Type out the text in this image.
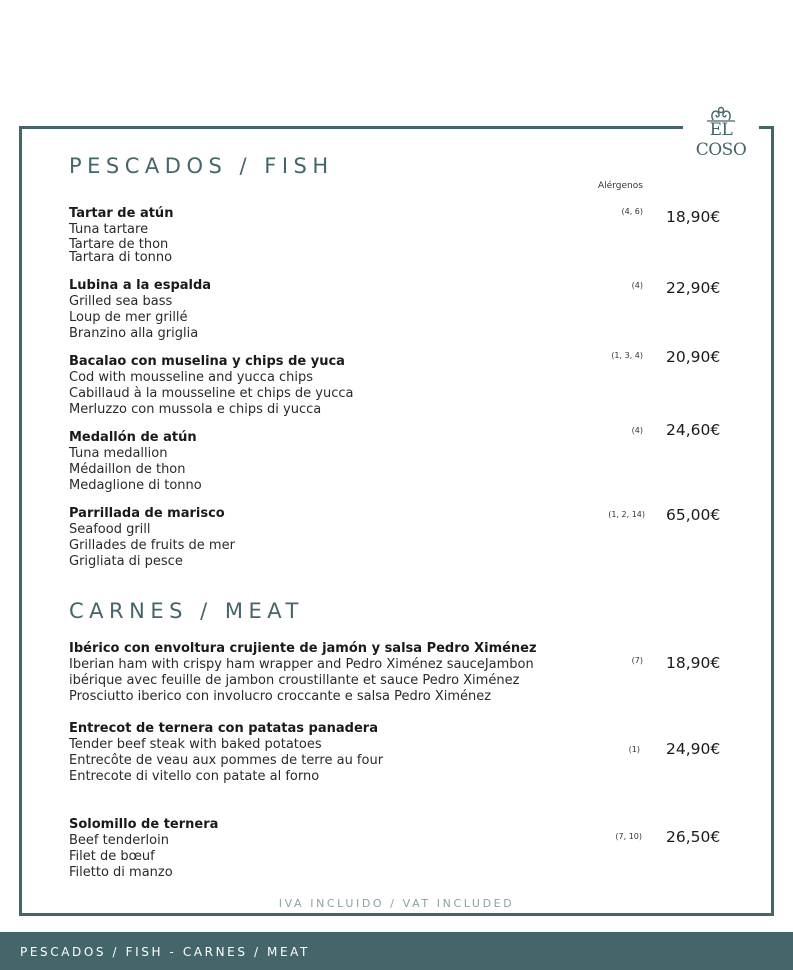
EL COSO
PESCADOS / FISH
Alérgenos
Tartar de atún
Tuna tartare
Tartare de thon
Tartara di tonno
(4, 6) 18,90€
Lubina a la espalda
Grilled sea bass
Loup de mer grillé
Branzino alla griglia
(4) 22,90€
Bacalao con muselina y chips de yuca
Cod with mousseline and yucca chips
Cabillaud à la mousseline et chips de yucca
Merluzzo con mussola e chips di yucca
(1, 3, 4) 20,90€
Medallón de atún
Tuna medallion
Médaillon de thon
Medaglione di tonno
(4) 24,60€
Parrillada de marisco
Seafood grill
Grillades de fruits de mer
Grigliata di pesce
(1, 2, 14) 65,00€
CARNES / MEAT
Ibérico con envoltura crujiente de jamón y salsa Pedro Ximénez
Iberian ham with crispy ham wrapper and Pedro Ximénez sauceJambon
ibérique avec feuille de jambon croustillante et sauce Pedro Ximénez
Prosciutto iberico con involucro croccante e salsa Pedro Ximénez
(7) 18,90€
Entrecot de ternera con patatas panadera
Tender beef steak with baked potatoes
Entrecôte de veau aux pommes de terre au four
Entrecote di vitello con patate al forno
(1) 24,90€
Solomillo de ternera
Beef tenderloin
Filet de bœuf
Filetto di manzo
(7, 10) 26,50€
IVA INCLUIDO / VAT INCLUDED
PESCADOS / FISH - CARNES / MEAT
